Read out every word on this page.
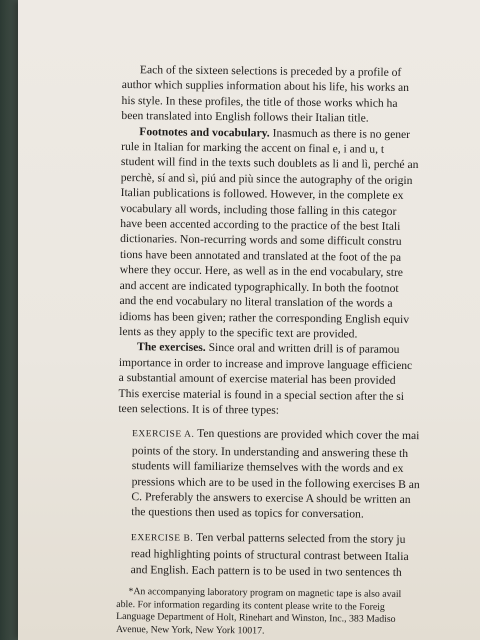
Each of the sixteen selections is preceded by a profile of

author which supplies information about his life, his works an

his style. In these profiles, the title of those works which ha

been translated into English follows their Italian title.

Footnotes and vocabulary. Inasmuch as there is no gener

rule in Italian for marking the accent on final e, i and u, t

student will find in the texts such doublets as li and lì, perché an

perchè, sí and sì, piú and più since the autography of the origin

Italian publications is followed. However, in the complete ex

vocabulary all words, including those falling in this categor

have been accented according to the practice of the best Itali

dictionaries. Non-recurring words and some difficult constru

tions have been annotated and translated at the foot of the pa

where they occur. Here, as well as in the end vocabulary, stre

and accent are indicated typographically. In both the footnot

and the end vocabulary no literal translation of the words a

idioms has been given; rather the corresponding English equiv

lents as they apply to the specific text are provided.

The exercises. Since oral and written drill is of paramou

importance in order to increase and improve language efficienc

a substantial amount of exercise material has been provided

This exercise material is found in a special section after the si

teen selections. It is of three types:

EXERCISE A. Ten questions are provided which cover the mai

points of the story. In understanding and answering these th

students will familiarize themselves with the words and ex

pressions which are to be used in the following exercises B an

C. Preferably the answers to exercise A should be written an

the questions then used as topics for conversation.

EXERCISE B. Ten verbal patterns selected from the story ju

read highlighting points of structural contrast between Italia

and English. Each pattern is to be used in two sentences th

*An accompanying laboratory program on magnetic tape is also avail

able. For information regarding its content please write to the Foreig

Language Department of Holt, Rinehart and Winston, Inc., 383 Madiso

Avenue, New York, New York 10017.
